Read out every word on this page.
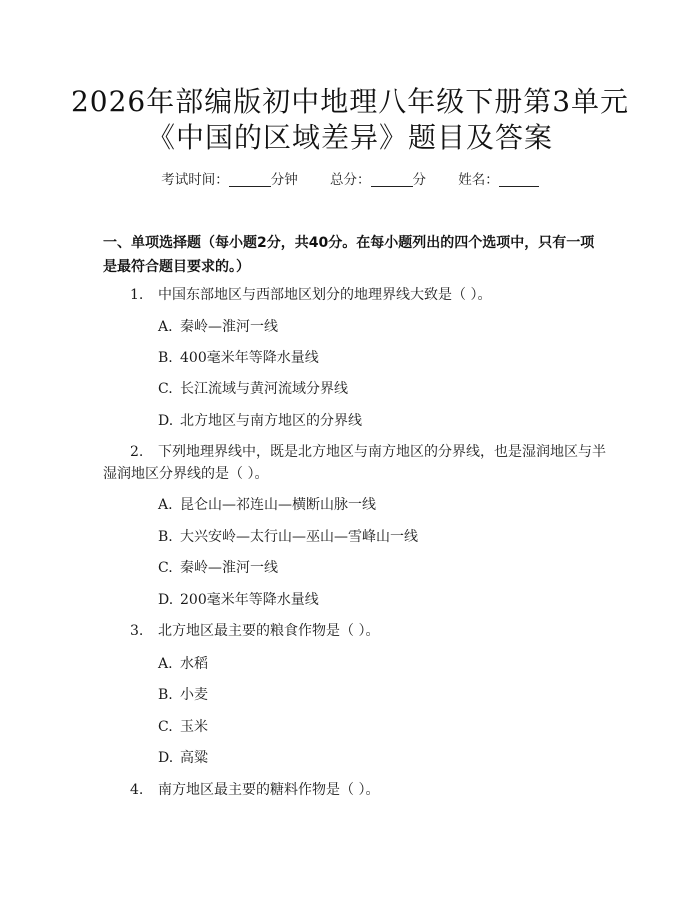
2026年部编版初中地理八年级下册第3单元
《中国的区域差异》题目及答案
考试时间：	分钟 总分：	分 姓名：
一、单项选择题（每小题2分，共40分。在每小题列出的四个选项中，只有一项
是最符合题目要求的。）
1. 中国东部地区与西部地区划分的地理界线大致是（ ）。
A. 秦岭—淮河一线
B. 400毫米年等降水量线
C. 长江流域与黄河流域分界线
D. 北方地区与南方地区的分界线
2. 下列地理界线中，既是北方地区与南方地区的分界线，也是湿润地区与半
湿润地区分界线的是（ ）。
A. 昆仑山—祁连山—横断山脉一线
B. 大兴安岭—太行山—巫山—雪峰山一线
C. 秦岭—淮河一线
D. 200毫米年等降水量线
3. 北方地区最主要的粮食作物是（ ）。
A. 水稻
B. 小麦
C. 玉米
D. 高粱
4. 南方地区最主要的糖料作物是（ ）。
